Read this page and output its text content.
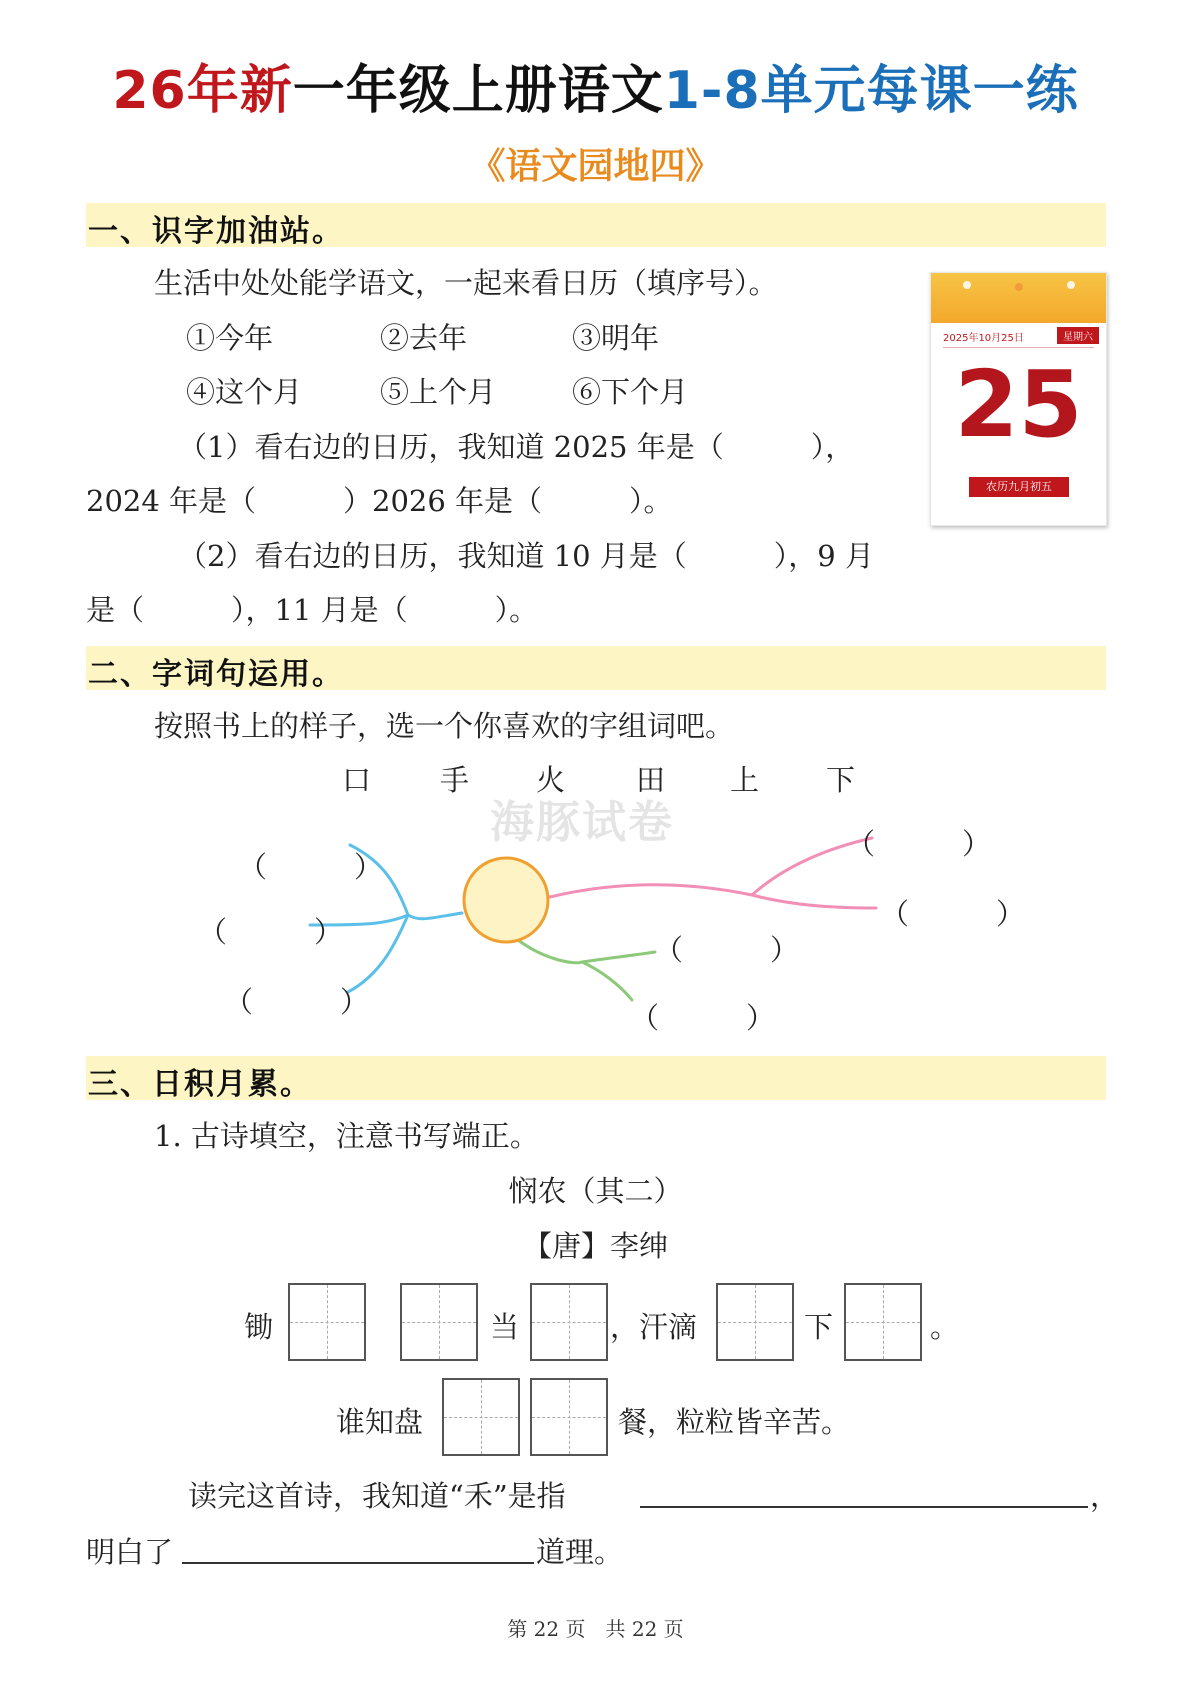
26年新一年级上册语文1-8单元每课一练
《语文园地四》
一、识字加油站。
生活中处处能学语文，一起来看日历（填序号）。
①今年	②去年	③明年
④这个月	⑤上个月	⑥下个月
（1）看右边的日历，我知道 2025 年是（　　　），
2024 年是（　　　）2026 年是（　　　）。
（2）看右边的日历，我知道 10 月是（　　　），9 月
是（　　　），11 月是（　　　）。
2025年10月25日	星期六
25
农历九月初五
二、字词句运用。
按照书上的样子，选一个你喜欢的字组词吧。
口 手 火 田 上 下
海豚试卷
（　　　）
（　　　）
（　　　）
（　　　）
（　　　）
（　　　）
（　　　）
三、日积月累。
1. 古诗填空，注意书写端正。
悯农（其二）
【唐】李绅
锄	当	，汗滴	下	。
谁知盘	餐，粒粒皆辛苦。
读完这首诗，我知道“禾”是指	，
明白了	道理。
第 22 页　共 22 页
